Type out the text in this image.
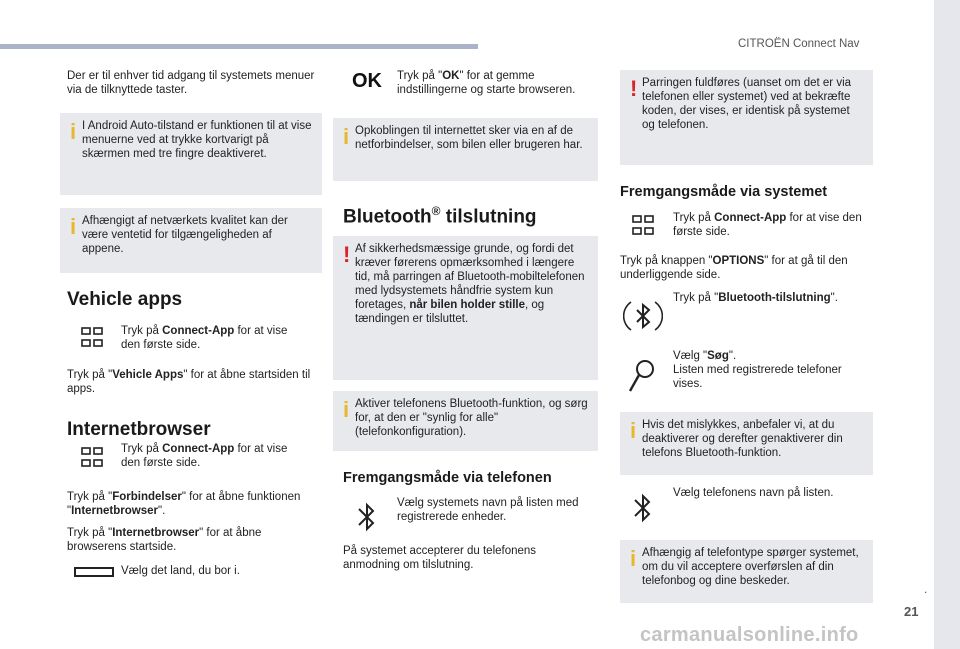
CITROËN Connect Nav
Der er til enhver tid adgang til systemets menuer via de tilknyttede taster.
i I Android Auto-tilstand er funktionen til at vise menuerne ved at trykke kortvarigt på skærmen med tre fingre deaktiveret.
i Afhængigt af netværkets kvalitet kan der være ventetid for tilgængeligheden af appene.
Vehicle apps
Tryk på Connect-App for at vise den første side.
Tryk på "Vehicle Apps" for at åbne startsiden til apps.
Internetbrowser
Tryk på Connect-App for at vise den første side.
Tryk på "Forbindelser" for at åbne funktionen "Internetbrowser".
Tryk på "Internetbrowser" for at åbne browserens startside.
Vælg det land, du bor i.
OK Tryk på "OK" for at gemme indstillingerne og starte browseren.
i Opkoblingen til internettet sker via en af de netforbindelser, som bilen eller brugeren har.
Bluetooth® tilslutning
! Af sikkerhedsmæssige grunde, og fordi det kræver førerens opmærksomhed i længere tid, må parringen af Bluetooth-mobiltelefonen med lydsystemets håndfrie system kun foretages, når bilen holder stille, og tændingen er tilsluttet.
i Aktiver telefonens Bluetooth-funktion, og sørg for, at den er "synlig for alle" (telefonkonfiguration).
Fremgangsmåde via telefonen
Vælg systemets navn på listen med registrerede enheder.
På systemet accepterer du telefonens anmodning om tilslutning.
! Parringen fuldføres (uanset om det er via telefonen eller systemet) ved at bekræfte koden, der vises, er identisk på systemet og telefonen.
Fremgangsmåde via systemet
Tryk på Connect-App for at vise den første side.
Tryk på knappen "OPTIONS" for at gå til den underliggende side.
Tryk på "Bluetooth-tilslutning".
Vælg "Søg".
Listen med registrerede telefoner vises.
i Hvis det mislykkes, anbefaler vi, at du deaktiverer og derefter genaktiverer din telefons Bluetooth-funktion.
Vælg telefonens navn på listen.
i Afhængig af telefontype spørger systemet, om du vil acceptere overførslen af din telefonbog og dine beskeder.
.
21
carmanualsonline.info
